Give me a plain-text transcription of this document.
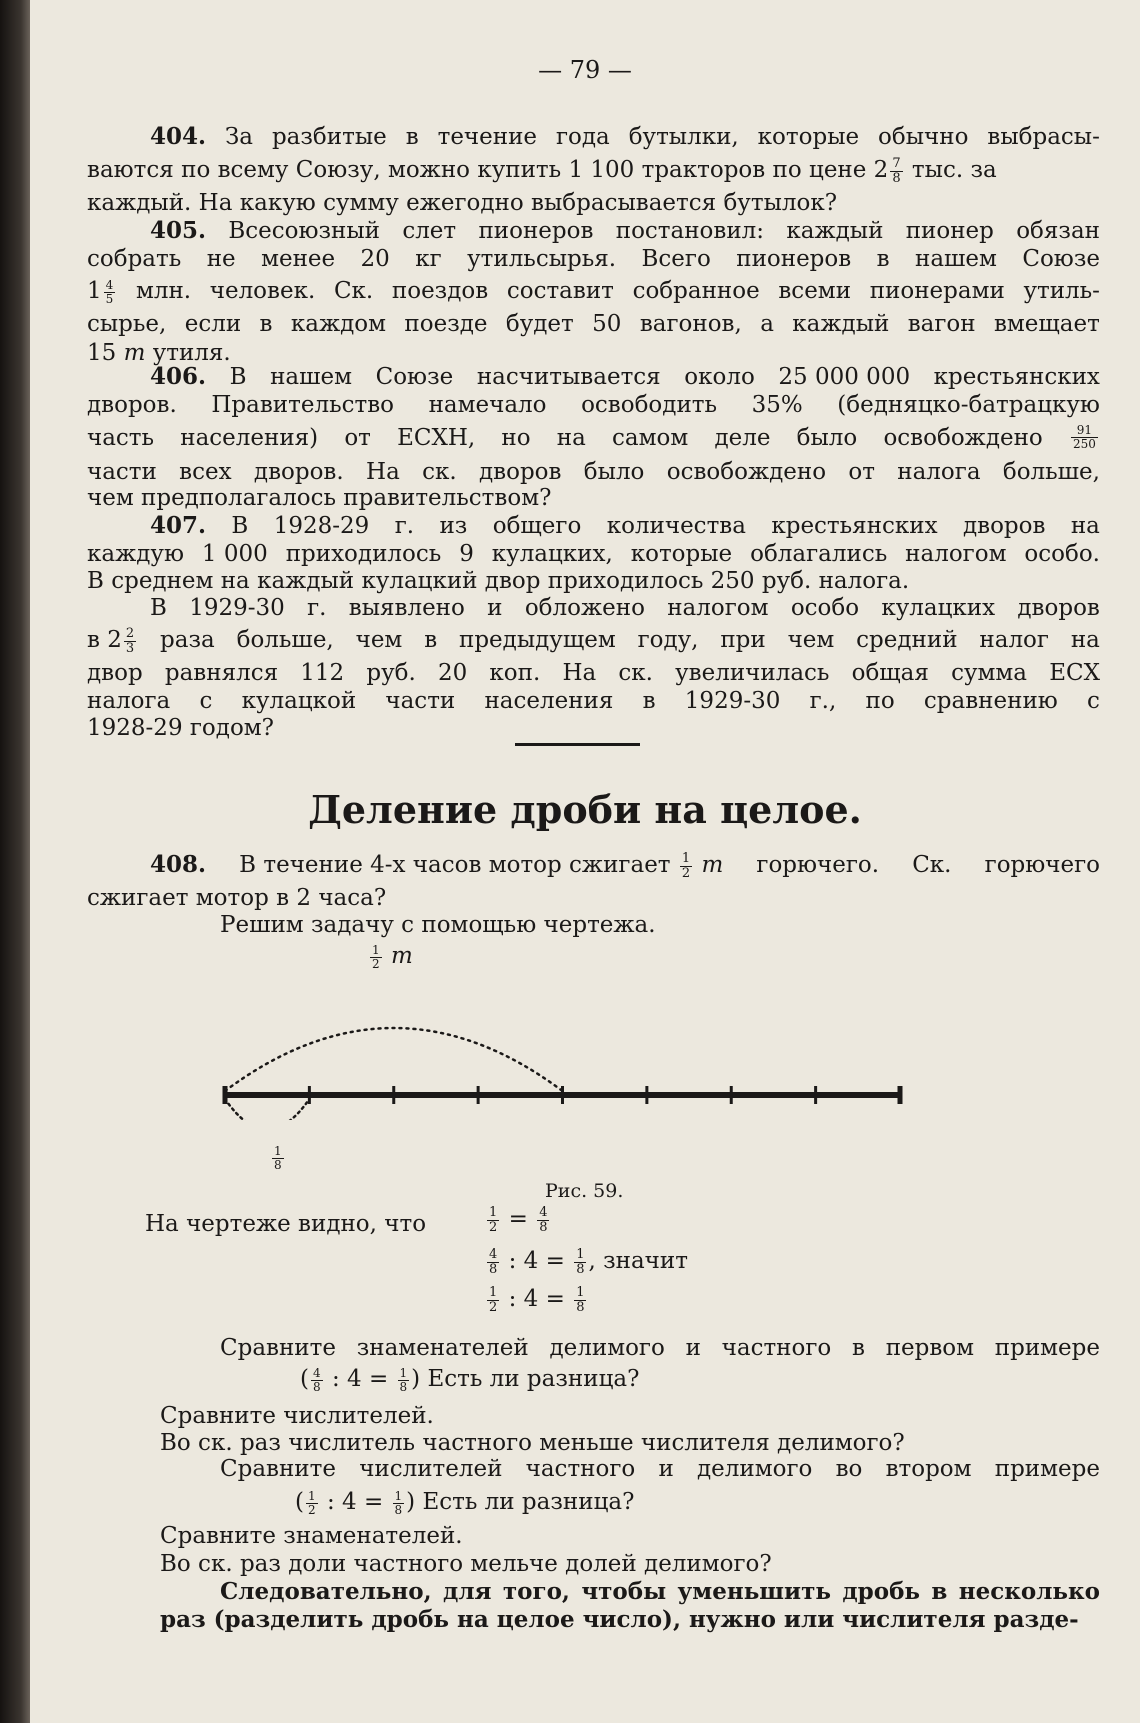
— 79 —
404. За разбитые в течение года бутылки, которые обычно выбрасы-
ваются по всему Союзу, можно купить 1 100 тракторов по цене $2 \frac{7}{8}$ тыс. за
каждый. На какую сумму ежегодно выбрасывается бутылок?
405. Всесоюзный слет пионеров постановил: каждый пионер обязан
собрать не менее 20 кг утильсырья. Всего пионеров в нашем Союзе
$1 \frac{4}{5}$ млн. человек. Ск. поездов составит собранное всеми пионерами утиль-
сырье, если в каждом поезде будет 50 вагонов, а каждый вагон вмещает
15 т утиля.
406. В нашем Союзе насчитывается около 25 000 000 крестьянских
дворов. Правительство намечало освободить 35% (бедняцко-батрацкую
часть населения) от ЕСХН, но на самом деле было освобождено	91
250
части всех дворов. На ск. дворов было освобождено от налога больше,
чем предполагалось правительством?
407. В 1928-29 г. из общего количества крестьянских дворов на
каждую 1 000 приходилось 9 кулацких, которые облагались налогом особо.
В среднем на каждый кулацкий двор приходилось 250 руб. налога.
В 1929-30 г. выявлено и обложено налогом особо кулацких дворов
в $2 \frac{2}{3}$ раза больше, чем в предыдущем году, при чем средний налог на
двор равнялся 112 руб. 20 коп. На ск. увеличилась общая сумма ЕСХ
налога с кулацкой части населения в 1929-30 г., по сравнению с
1928-29 годом?
Деление дроби на целое.
408. В течение 4-х часов мотор сжигает $\frac{1}{2}$ т горючего. Ск. горючего
сжигает мотор в 2 часа?
Решим задачу с помощью чертежа.
$\frac{1}{2}$ т
$\frac{1}{8}$
Рис. 59.
На чертеже видно, что	$\frac{1}{2} = \frac{4}{8}$
$\frac{4}{8}$ : $4 = \frac{1}{8}$ , значит
$\frac{1}{2}$ : $4 = \frac{1}{8}$
Сравните знаменателей делимого и частного в первом примере
( $\frac{4}{8}$ : $4 = \frac{1}{8}$ ) Есть ли разница?
Сравните числителей.
Во ск. раз числитель частного меньше числителя делимого?
Сравните числителей частного и делимого во втором примере
( $\frac{1}{2}$ : $4 = \frac{1}{8}$ ) Есть ли разница?
Сравните знаменателей.
Во ск. раз доли частного мельче долей делимого?
Следовательно, для того, чтобы уменьшить дробь в несколько
раз (разделить дробь на целое число), нужно или числителя разде-
